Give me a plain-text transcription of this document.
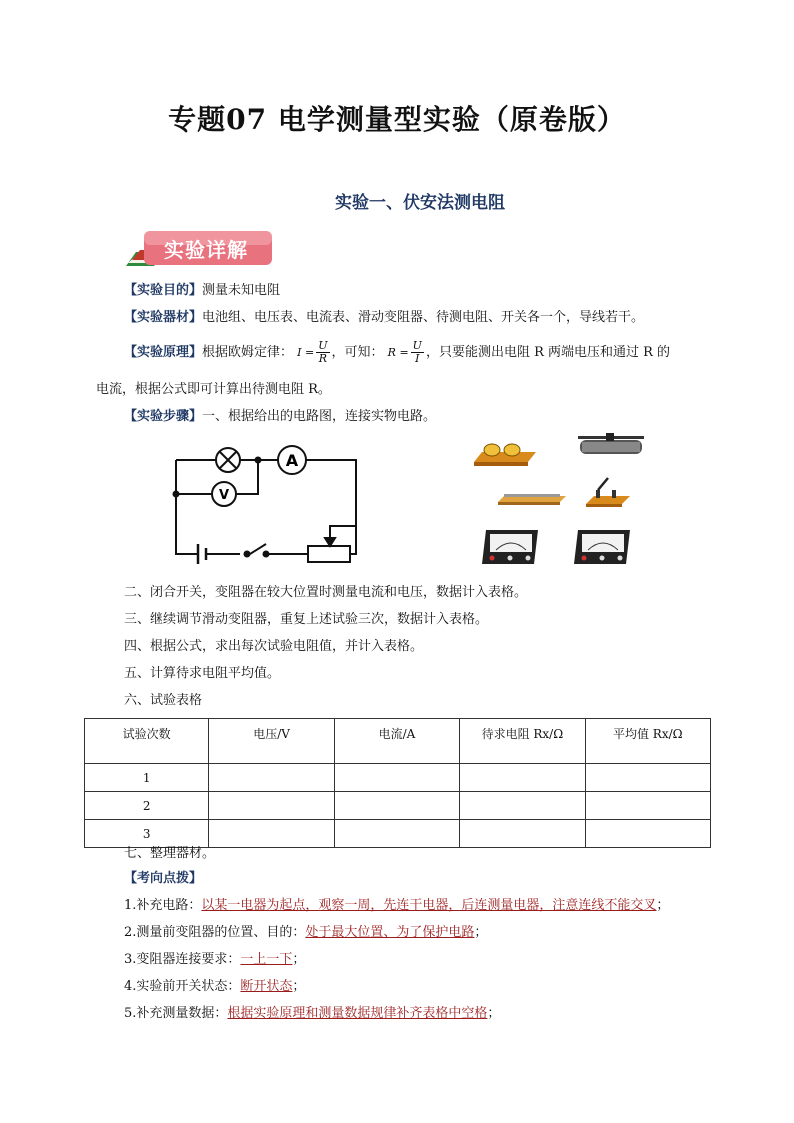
专题07 电学测量型实验（原卷版）
实验一、伏安法测电阻
实验详解
【实验目的】测量未知电阻
【实验器材】电池组、电压表、电流表、滑动变阻器、待测电阻、开关各一个，导线若干。
【实验原理】根据欧姆定律： $I = \frac{U}{R}$ ，可知： $R = \frac{U}{I}$ ，只要能测出电阻 R 两端电压和通过 R 的
电流，根据公式即可计算出待测电阻 R。
【实验步骤】一、根据给出的电路图，连接实物电路。
A
V
二、闭合开关，变阻器在较大位置时测量电流和电压，数据计入表格。
三、继续调节滑动变阻器，重复上述试验三次，数据计入表格。
四、根据公式，求出每次试验电阻值，并计入表格。
五、计算待求电阻平均值。
六、试验表格
试验次数	电压/V	电流/A	待求电阻 Rx/Ω	平均值 Rx/Ω
1				
2				
3				
七、整理器材。
【考向点拨】
1.补充电路：以某一电器为起点，观察一周，先连干电器，后连测量电器，注意连线不能交叉；
2.测量前变阻器的位置、目的：处于最大位置、为了保护电路；
3.变阻器连接要求：一上一下；
4.实验前开关状态：断开状态；
5.补充测量数据：根据实验原理和测量数据规律补齐表格中空格；
